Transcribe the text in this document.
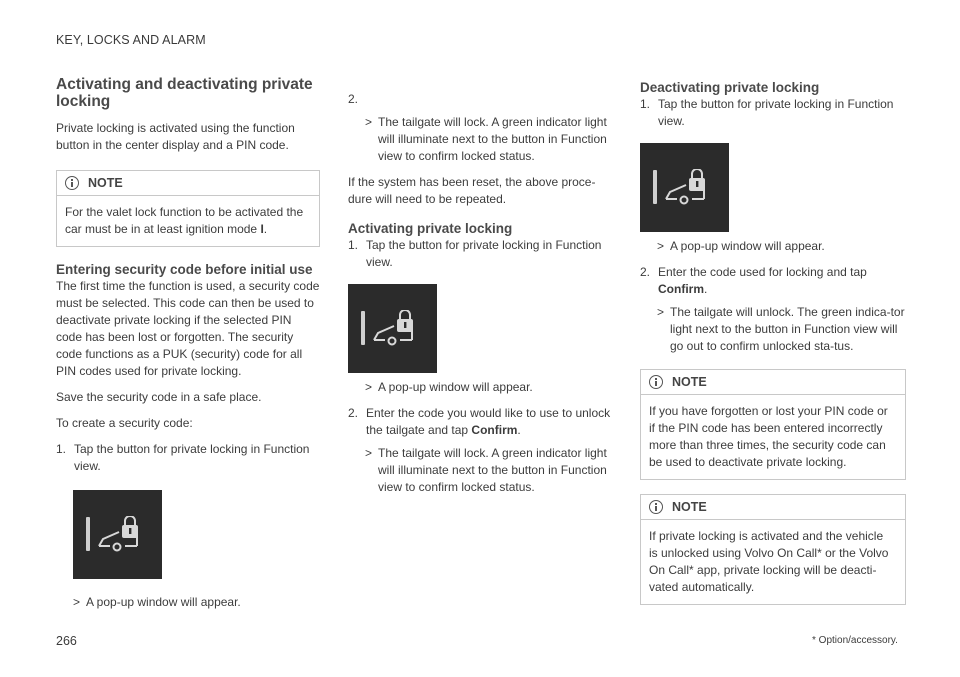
KEY, LOCKS AND ALARM
Activating and deactivating private locking

Private locking is activated using the function button in the center display and a PIN code.

NOTE
For the valet lock function to be activated the car must be in at least ignition mode I.
Entering security code before initial use

The first time the function is used, a security code must be selected. This code can then be used to deactivate private locking if the selected PIN code has been lost or forgotten. The security code functions as a PUK (security) code for all PIN codes used for private locking.

Save the security code in a safe place.

To create a security code:

1. Tap the button for private locking in Function view.
> A pop-up window will appear.
2.
> The tailgate will lock. A green indicator light will illuminate next to the button in Function view to confirm locked status.

If the system has been reset, the above proce-dure will need to be repeated.

Activating private locking
1. Tap the button for private locking in Function view.
> A pop-up window will appear.
2. Enter the code you would like to use to unlock the tailgate and tap Confirm.
> The tailgate will lock. A green indicator light will illuminate next to the button in Function view to confirm locked status.
Deactivating private locking
1. Tap the button for private locking in Function view.
> A pop-up window will appear.
2. Enter the code used for locking and tap Confirm.
> The tailgate will unlock. The green indica-tor light next to the button in Function view will go out to confirm unlocked sta-tus.
NOTE
If you have forgotten or lost your PIN code or if the PIN code has been entered incorrectly more than three times, the security code can be used to deactivate private locking.
NOTE
If private locking is activated and the vehicle is unlocked using Volvo On Call* or the Volvo On Call* app, private locking will be deacti-vated automatically.
266	* Option/accessory.
